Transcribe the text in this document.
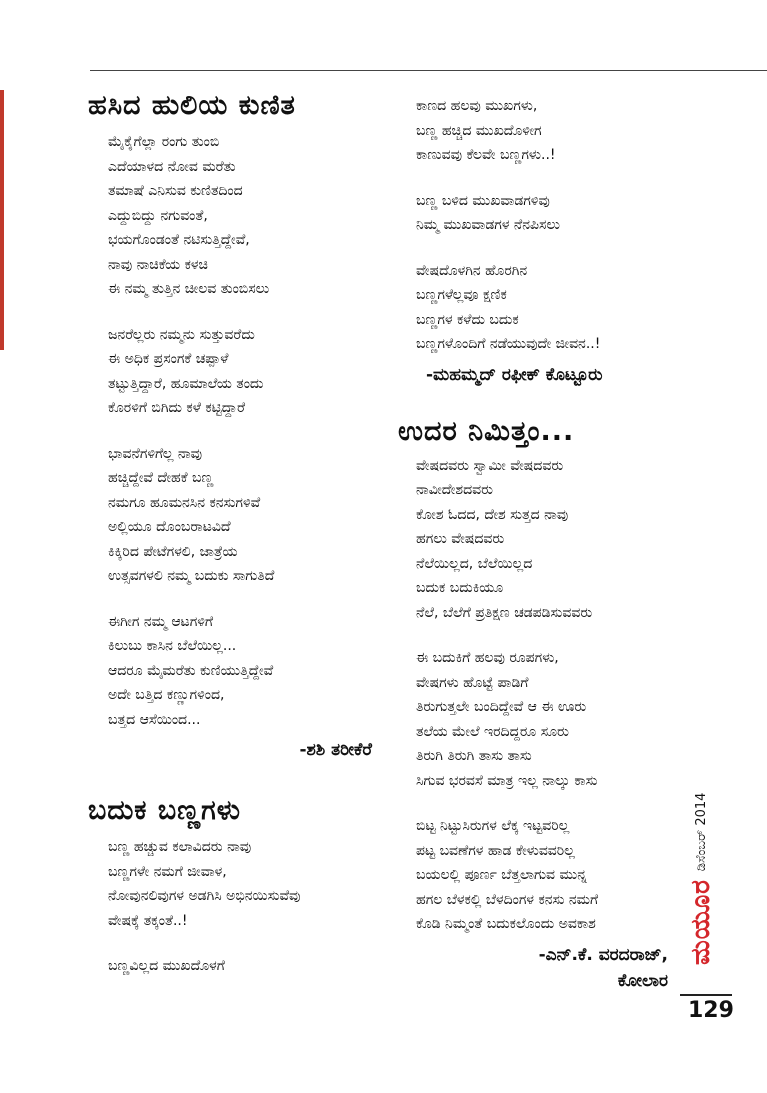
ಹಸಿದ ಹುಲಿಯ ಕುಣಿತ
ಮೈಕೈಗೆಲ್ಲಾ ರಂಗು ತುಂಬಿ
ಎದೆಯಾಳದ ನೋವ ಮರೆತು
ತಮಾಷೆ ಎನಿಸುವ ಕುಣಿತದಿಂದ
ಎದ್ದುಬಿದ್ದು ನಗುವಂತೆ,
ಭಯಗೊಂಡಂತೆ ನಟಿಸುತ್ತಿದ್ದೇವೆ,
ನಾವು ನಾಚಿಕೆಯ ಕಳಚಿ
ಈ ನಮ್ಮ ತುತ್ತಿನ ಚೀಲವ ತುಂಬಿಸಲು
ಜನರೆಲ್ಲರು ನಮ್ಮನು ಸುತ್ತುವರೆದು
ಈ ಅಧಿಕ ಪ್ರಸಂಗಕೆ ಚಪ್ಪಾಳೆ
ತಟ್ಟುತ್ತಿದ್ದಾರೆ, ಹೂಮಾಲೆಯ ತಂದು
ಕೊರಳಿಗೆ ಬಿಗಿದು ಕಳೆ ಕಟ್ಟಿದ್ದಾರೆ
ಭಾವನೆಗಳಿಗೆಲ್ಲ ನಾವು
ಹಚ್ಚಿದ್ದೇವೆ ದೇಹಕೆ ಬಣ್ಣ
ನಮಗೂ ಹೂಮನಸಿನ ಕನಸುಗಳಿವೆ
ಅಲ್ಲಿಯೂ ದೊಂಬರಾಟವಿದೆ
ಕಿಕ್ಕಿರಿದ ಪೇಟೆಗಳಲಿ, ಜಾತ್ರೆಯ
ಉತ್ಸವಗಳಲಿ ನಮ್ಮ ಬದುಕು ಸಾಗುತಿದೆ
ಈಗೀಗ ನಮ್ಮ ಆಟಗಳಿಗೆ
ಕಿಲುಬು ಕಾಸಿನ ಬೆಲೆಯಿಲ್ಲ...
ಆದರೂ ಮೈಮರೆತು ಕುಣಿಯುತ್ತಿದ್ದೇವೆ
ಅದೇ ಬತ್ತಿದ ಕಣ್ಣುಗಳಿಂದ,
ಬತ್ತದ ಆಸೆಯಿಂದ...
-ಶಶಿ ತರೀಕೆರೆ
ಬದುಕ ಬಣ್ಣಗಳು
ಬಣ್ಣ ಹಚ್ಚುವ ಕಲಾವಿದರು ನಾವು
ಬಣ್ಣಗಳೇ ನಮಗೆ ಜೀವಾಳ,
ನೋವುನಲಿವುಗಳ ಅಡಗಿಸಿ ಅಭಿನಯಿಸುವೆವು
ವೇಷಕ್ಕೆ ತಕ್ಕಂತೆ..!
ಬಣ್ಣವಿಲ್ಲದ ಮುಖದೊಳಗೆ
ಕಾಣದ ಹಲವು ಮುಖಗಳು,
ಬಣ್ಣ ಹಚ್ಚಿದ ಮುಖದೊಳೀಗ
ಕಾಣುವವು ಕೆಲವೇ ಬಣ್ಣಗಳು..!
ಬಣ್ಣ ಬಳಿದ ಮುಖವಾಡಗಳಿವು
ನಿಮ್ಮ ಮುಖವಾಡಗಳ ನೆನಪಿಸಲು
ವೇಷದೊಳಗಿನ ಹೊರಗಿನ
ಬಣ್ಣಗಳೆಲ್ಲವೂ ಕ್ಷಣಿಕ
ಬಣ್ಣಗಳ ಕಳೆದು ಬದುಕ
ಬಣ್ಣಗಳೊಂದಿಗೆ ನಡೆಯುವುದೇ ಜೀವನ..!
-ಮಹಮ್ಮದ್ ರಫೀಕ್ ಕೊಟ್ಟೂರು
ಉದರ ನಿಮಿತ್ತಂ...
ವೇಷದವರು ಸ್ವಾಮೀ ವೇಷದವರು
ನಾವೀದೇಶದವರು
ಕೋಶ ಓದದ, ದೇಶ ಸುತ್ತದ ನಾವು
ಹಗಲು ವೇಷದವರು
ನೆಲೆಯಿಲ್ಲದ, ಬೆಲೆಯಿಲ್ಲದ
ಬದುಕ ಬದುಕಿಯೂ
ನೆಲೆ, ಬೆಲೆಗೆ ಪ್ರತಿಕ್ಷಣ ಚಡಪಡಿಸುವವರು
ಈ ಬದುಕಿಗೆ ಹಲವು ರೂಪಗಳು,
ವೇಷಗಳು ಹೊಟ್ಟೆ ಪಾಡಿಗೆ
ತಿರುಗುತ್ತಲೇ ಬಂದಿದ್ದೇವೆ ಆ ಈ ಊರು
ತಲೆಯ ಮೇಲೆ ಇರದಿದ್ದರೂ ಸೂರು
ತಿರುಗಿ ತಿರುಗಿ ತಾಸು ತಾಸು
ಸಿಗುವ ಭರವಸೆ ಮಾತ್ರ ಇಲ್ಲ ನಾಲ್ಕು ಕಾಸು
ಬಿಟ್ಟ ನಿಟ್ಟುಸಿರುಗಳ ಲೆಕ್ಕ ಇಟ್ಟವರಿಲ್ಲ
ಪಟ್ಟ ಬವಣೆಗಳ ಹಾಡ ಕೇಳುವವರಿಲ್ಲ
ಬಯಲಲ್ಲಿ ಪೂರ್ಣ ಬೆತ್ತಲಾಗುವ ಮುನ್ನ
ಹಗಲ ಬೆಳಕಲ್ಲಿ ಬೆಳದಿಂಗಳ ಕನಸು ನಮಗೆ
ಕೊಡಿ ನಿಮ್ಮಂತೆ ಬದುಕಲೊಂದು ಅವಕಾಶ
-ಎನ್.ಕೆ. ವರದರಾಜ್,
ಕೋಲಾರ
ಮಯೂರ
ಡಿಸೆಂಬರ್ 2014
129
